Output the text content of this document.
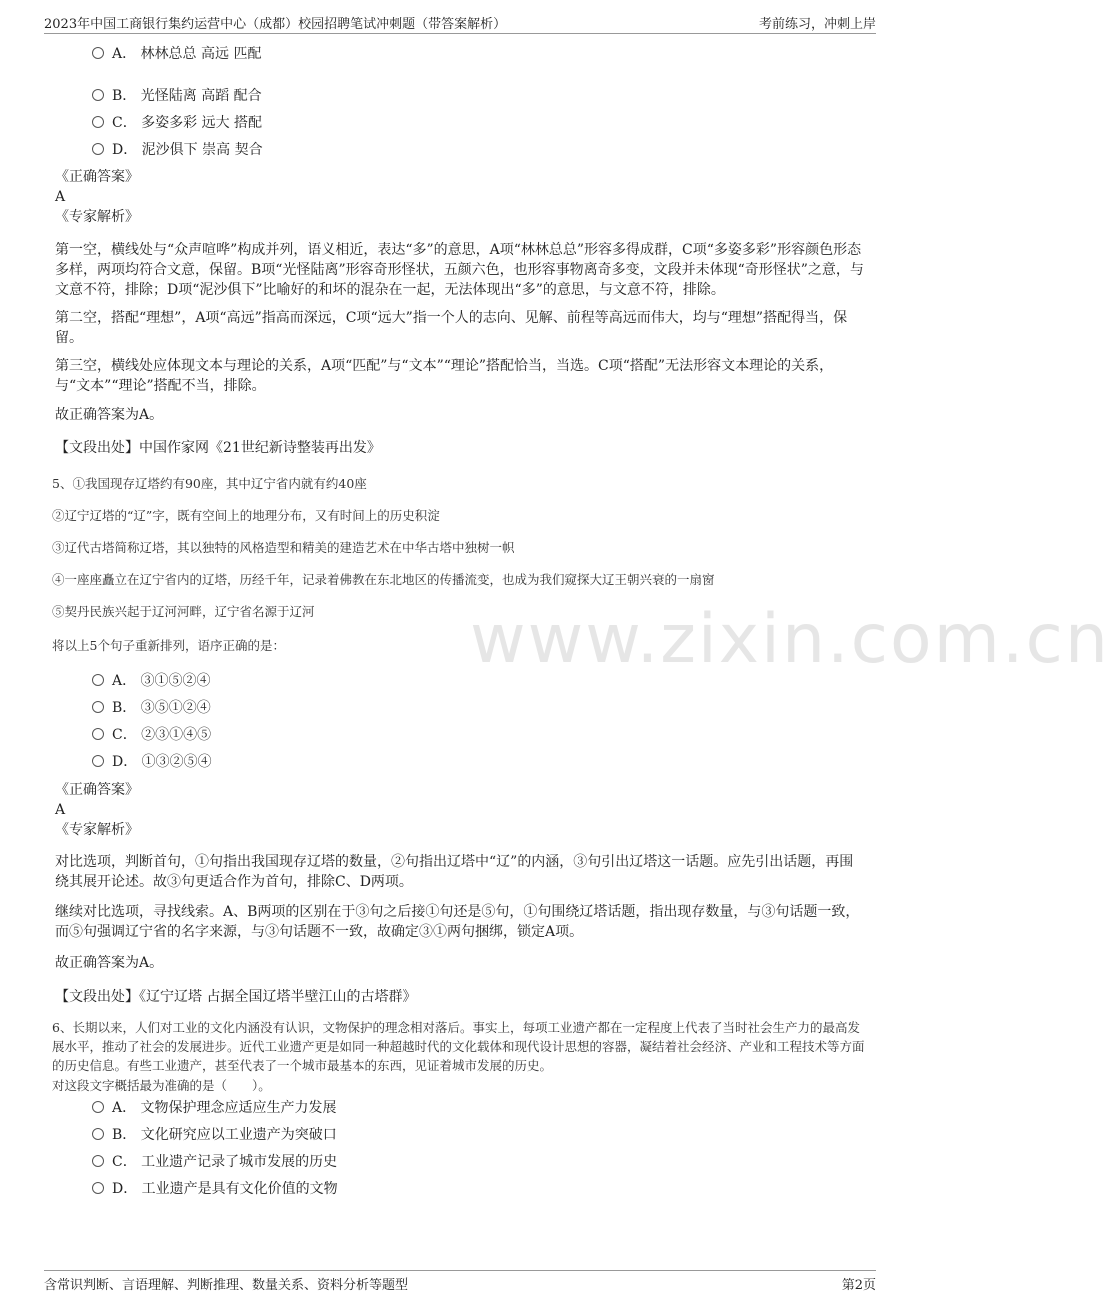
2023年中国工商银行集约运营中心（成都）校园招聘笔试冲刺题（带答案解析）	考前练习，冲刺上岸
www.zixin.com.cn
A． 林林总总 高远 匹配
B． 光怪陆离 高蹈 配合
C． 多姿多彩 远大 搭配
D． 泥沙俱下 崇高 契合
《正确答案》
A
《专家解析》
第一空，横线处与“众声喧哗”构成并列，语义相近，表达“多”的意思，A项“林林总总”形容多得成群，C项“多姿多彩”形容颜色形态多样，两项均符合文意，保留。B项“光怪陆离”形容奇形怪状，五颜六色，也形容事物离奇多变，文段并未体现“奇形怪状”之意，与文意不符，排除；D项“泥沙俱下”比喻好的和坏的混杂在一起，无法体现出“多”的意思，与文意不符，排除。
第二空，搭配“理想”，A项“高远”指高而深远，C项“远大”指一个人的志向、见解、前程等高远而伟大，均与“理想”搭配得当，保留。
第三空，横线处应体现文本与理论的关系，A项“匹配”与“文本”“理论”搭配恰当，当选。C项“搭配”无法形容文本理论的关系，与“文本”“理论”搭配不当，排除。
故正确答案为A。
【文段出处】中国作家网《21世纪新诗整装再出发》
5、①我国现存辽塔约有90座，其中辽宁省内就有约40座
②辽宁辽塔的“辽”字，既有空间上的地理分布，又有时间上的历史积淀
③辽代古塔简称辽塔，其以独特的风格造型和精美的建造艺术在中华古塔中独树一帜
④一座座矗立在辽宁省内的辽塔，历经千年，记录着佛教在东北地区的传播流变，也成为我们窥探大辽王朝兴衰的一扇窗
⑤契丹民族兴起于辽河河畔，辽宁省名源于辽河
将以上5个句子重新排列，语序正确的是：
A． ③①⑤②④
B． ③⑤①②④
C． ②③①④⑤
D． ①③②⑤④
《正确答案》
A
《专家解析》
对比选项，判断首句，①句指出我国现存辽塔的数量，②句指出辽塔中“辽”的内涵，③句引出辽塔这一话题。应先引出话题，再围绕其展开论述。故③句更适合作为首句，排除C、D两项。
继续对比选项，寻找线索。A、B两项的区别在于③句之后接①句还是⑤句，①句围绕辽塔话题，指出现存数量，与③句话题一致，而⑤句强调辽宁省的名字来源，与③句话题不一致，故确定③①两句捆绑，锁定A项。
故正确答案为A。
【文段出处】《辽宁辽塔 占据全国辽塔半壁江山的古塔群》
6、长期以来，人们对工业的文化内涵没有认识，文物保护的理念相对落后。事实上，每项工业遗产都在一定程度上代表了当时社会生产力的最高发展水平，推动了社会的发展进步。近代工业遗产更是如同一种超越时代的文化载体和现代设计思想的容器，凝结着社会经济、产业和工程技术等方面的历史信息。有些工业遗产，甚至代表了一个城市最基本的东西，见证着城市发展的历史。
对这段文字概括最为准确的是（　　）。
A． 文物保护理念应适应生产力发展
B． 文化研究应以工业遗产为突破口
C． 工业遗产记录了城市发展的历史
D． 工业遗产是具有文化价值的文物
含常识判断、言语理解、判断推理、数量关系、资料分析等题型	第2页
